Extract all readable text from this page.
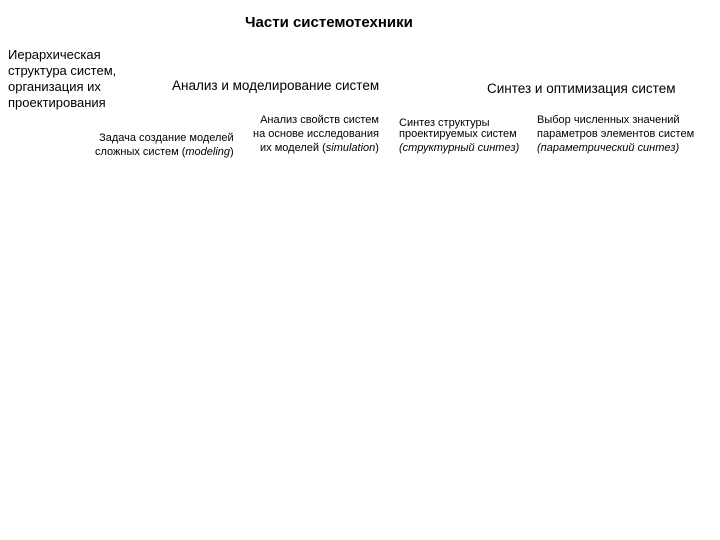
Части системотехники
Иерархическая
структура систем,
организация их
проектирования
Анализ и моделирование систем	Синтез и оптимизация систем
Задача создание моделей
сложных систем (modeling)
Анализ свойств систем
на основе исследования
их моделей (simulation)
Синтез структуры
проектируемых систем
(структурный синтез)
Выбор численных значений
параметров элементов систем
(параметрический синтез)
